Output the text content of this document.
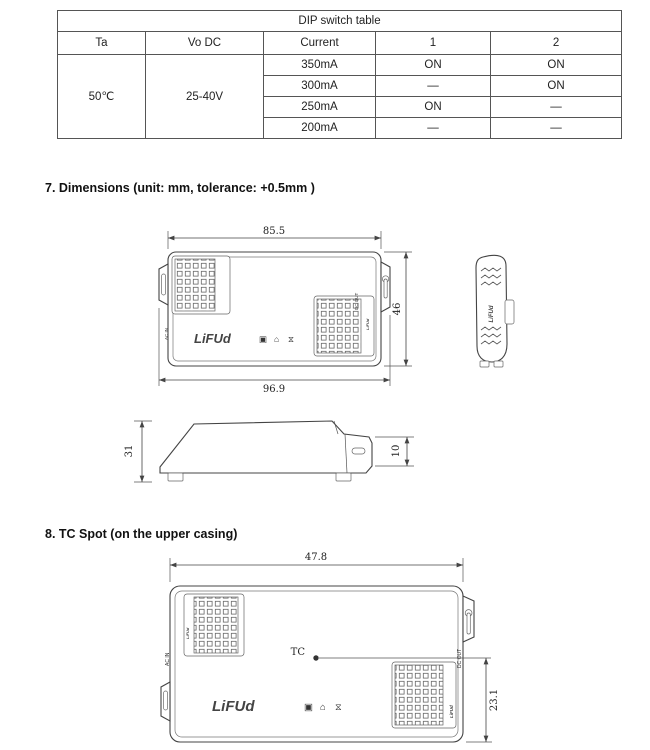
DIP switch table				
Ta	Vo DC	Current	1	2
50℃	25-40V	350mA	ON	ON
		300mA	—	ON
		250mA	ON	—
		200mA	—	—
7. Dimensions (unit: mm, tolerance: +0.5mm )
85.5
AC IN
DC OUT
LiFUd
LiFUd	▣ ⌂ ⧖
96.9
46	LiFUd
31	10
8. TC Spot (on the upper casing)
47.8
LiFUd
AC IN
LiFUd
DC OUT
LiFUd	▣ ⌂ ⧖
TC
23.1
